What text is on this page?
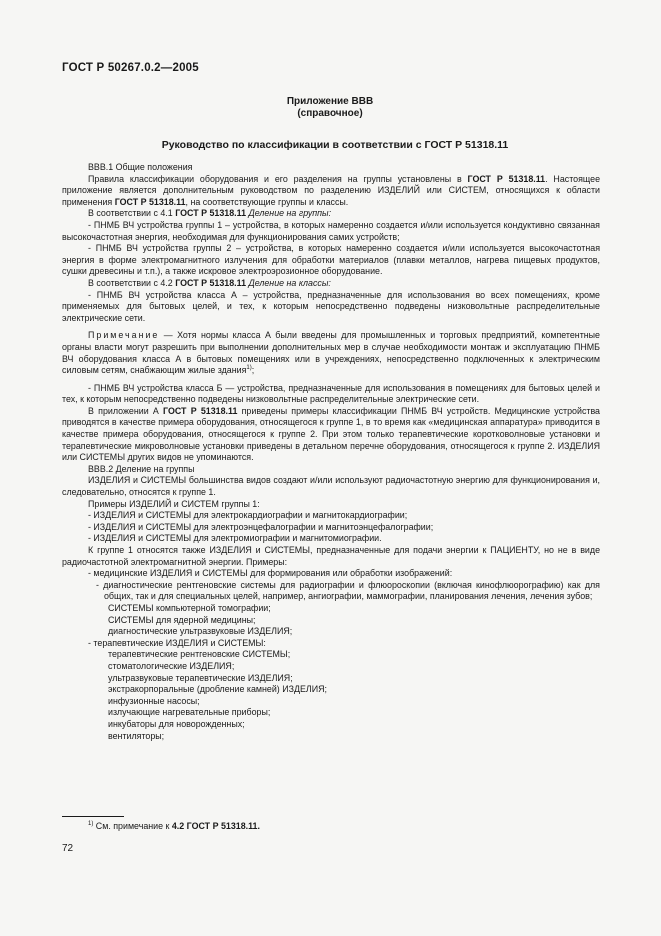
ГОСТ Р 50267.0.2—2005
Приложение ВВВ
(справочное)
Руководство по классификации в соответствии с ГОСТ Р 51318.11

ВВВ.1 Общие положения

Правила классификации оборудования и его разделения на группы установлены в ГОСТ Р 51318.11. Настоящее приложение является дополнительным руководством по разделению ИЗДЕЛИЙ или СИСТЕМ, относящихся к области применения ГОСТ Р 51318.11, на соответствующие группы и классы.

В соответствии с 4.1 ГОСТ Р 51318.11 Деление на группы:

- ПНМБ ВЧ устройства группы 1 – устройства, в которых намеренно создается и/или используется кондуктивно связанная высокочастотная энергия, необходимая для функционирования самих устройств;

- ПНМБ ВЧ устройства группы 2 – устройства, в которых намеренно создается и/или используется высокочастотная энергия в форме электромагнитного излучения для обработки материалов (плавки металлов, нагрева пищевых продуктов, сушки древесины и т.п.), а также искровое электроэрозионное оборудование.

В соответствии с 4.2 ГОСТ Р 51318.11 Деление на классы:

- ПНМБ ВЧ устройства класса А – устройства, предназначенные для использования во всех помещениях, кроме применяемых для бытовых целей, и тех, к которым непосредственно подведены низковольтные распределительные электрические сети.

Примечание — Хотя нормы класса А были введены для промышленных и торговых предприятий, компетентные органы власти могут разрешить при выполнении дополнительных мер в случае необходимости монтаж и эксплуатацию ПНМБ ВЧ оборудования класса А в бытовых помещениях или в учреждениях, непосредственно подключенных к электрическим силовым сетям, снабжающим жилые здания$^{1)}$;

- ПНМБ ВЧ устройства класса Б — устройства, предназначенные для использования в помещениях для бытовых целей и тех, к которым непосредственно подведены низковольтные распределительные электрические сети.

В приложении А ГОСТ Р 51318.11 приведены примеры классификации ПНМБ ВЧ устройств. Медицинские устройства приводятся в качестве примера оборудования, относящегося к группе 1, в то время как «медицинская аппаратура» приводится в качестве примера оборудования, относящегося к группе 2. При этом только терапевтические коротковолновые установки и терапевтические микроволновые установки приведены в детальном перечне оборудования, относящегося к группе 2. ИЗДЕЛИЯ или СИСТЕМЫ других видов не упоминаются.

ВВВ.2 Деление на группы

ИЗДЕЛИЯ и СИСТЕМЫ большинства видов создают и/или используют радиочастотную энергию для функционирования и, следовательно, относятся к группе 1.

Примеры ИЗДЕЛИЙ и СИСТЕМ группы 1:

- ИЗДЕЛИЯ и СИСТЕМЫ для электрокардиографии и магнитокардиографии;

- ИЗДЕЛИЯ и СИСТЕМЫ для электроэнцефалографии и магнитоэнцефалографии;

- ИЗДЕЛИЯ и СИСТЕМЫ для электромиографии и магнитомиографии.

К группе 1 относятся также ИЗДЕЛИЯ и СИСТЕМЫ, предназначенные для подачи энергии к ПАЦИЕНТУ, но не в виде радиочастотной электромагнитной энергии. Примеры:

- медицинские ИЗДЕЛИЯ и СИСТЕМЫ для формирования или обработки изображений:

- диагностические рентгеновские системы для радиографии и флюороскопии (включая кинофлюорографию) как для общих, так и для специальных целей, например, ангиографии, маммографии, планирования лечения, лечения зубов;

СИСТЕМЫ компьютерной томографии;

СИСТЕМЫ для ядерной медицины;

диагностические ультразвуковые ИЗДЕЛИЯ;

- терапевтические ИЗДЕЛИЯ и СИСТЕМЫ:

терапевтические рентгеновские СИСТЕМЫ;

стоматологические ИЗДЕЛИЯ;

ультразвуковые терапевтические ИЗДЕЛИЯ;

экстракорпоральные (дробление камней) ИЗДЕЛИЯ;

инфузионные насосы;

излучающие нагревательные приборы;

инкубаторы для новорожденных;

вентиляторы;

$^{1)}$ См. примечание к 4.2 ГОСТ Р 51318.11.
72
